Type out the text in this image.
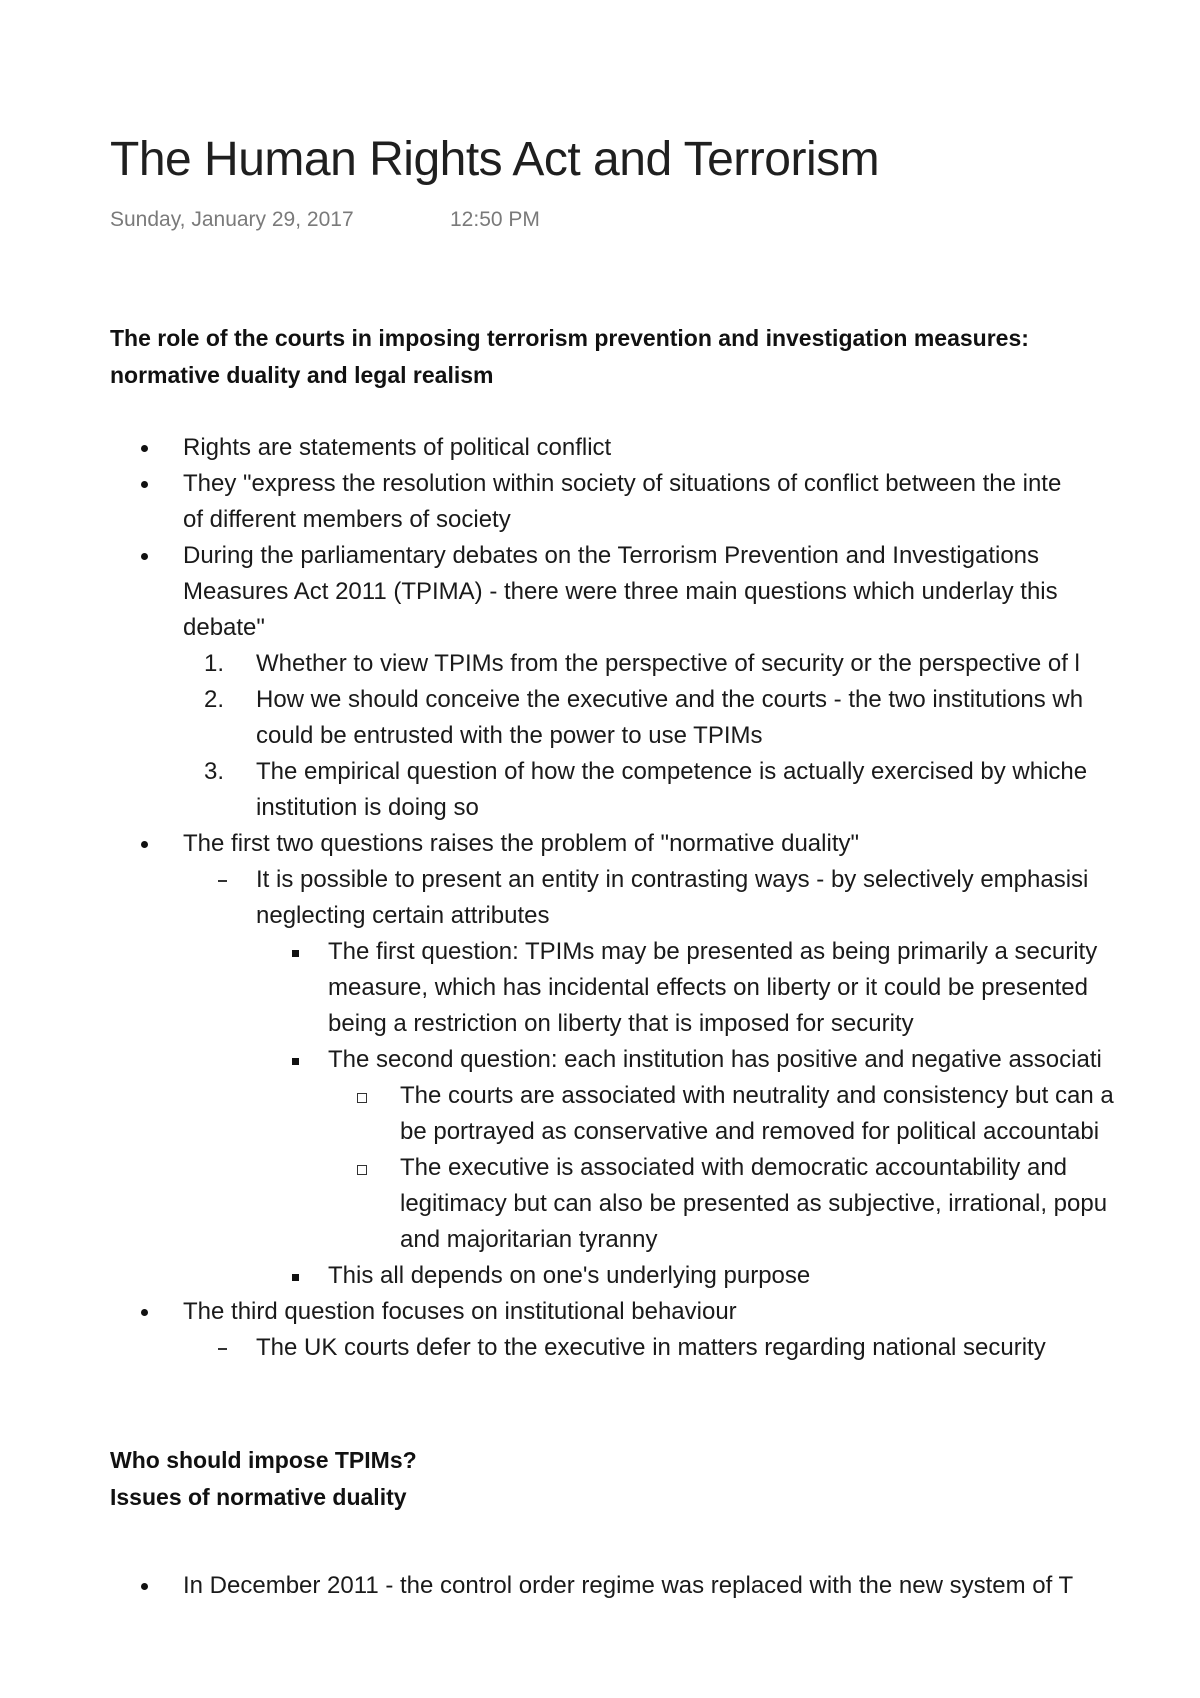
The Human Rights Act and Terrorism
Sunday, January 29, 2017	12:50 PM
The role of the courts in imposing terrorism prevention and investigation measures:
normative duality and legal realism
Rights are statements of political conflict
They "express the resolution within society of situations of conflict between the inte
of different members of society
During the parliamentary debates on the Terrorism Prevention and Investigations
Measures Act 2011 (TPIMA) - there were three main questions which underlay this
debate"
1. Whether to view TPIMs from the perspective of security or the perspective of l
2. How we should conceive the executive and the courts - the two institutions wh
could be entrusted with the power to use TPIMs
3. The empirical question of how the competence is actually exercised by whiche
institution is doing so
The first two questions raises the problem of "normative duality"
It is possible to present an entity in contrasting ways - by selectively emphasisi
neglecting certain attributes
The first question: TPIMs may be presented as being primarily a security
measure, which has incidental effects on liberty or it could be presented
being a restriction on liberty that is imposed for security
The second question: each institution has positive and negative associati
The courts are associated with neutrality and consistency but can a
be portrayed as conservative and removed for political accountabi
The executive is associated with democratic accountability and
legitimacy but can also be presented as subjective, irrational, popu
and majoritarian tyranny
This all depends on one's underlying purpose
The third question focuses on institutional behaviour
The UK courts defer to the executive in matters regarding national security
Who should impose TPIMs?
Issues of normative duality
In December 2011 - the control order regime was replaced with the new system of T
